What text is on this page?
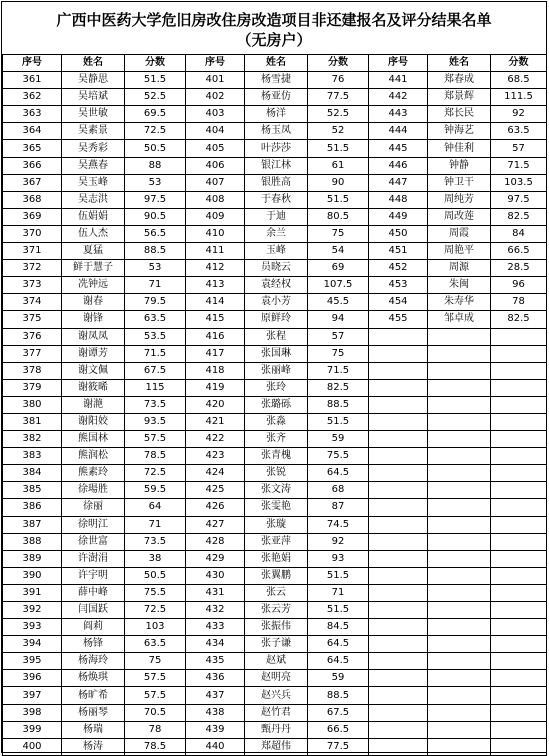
广西中医药大学危旧房改住房改造项目非还建报名及评分结果名单
（无房户）
序号	姓名	分数	序号	姓名	分数	序号	姓名	分数
361	吴静思	51.5	401	杨雪捷	76	441	郑春成	68.5
362	吴培斌	52.5	402	杨亚仿	77.5	442	郑景辉	111.5
363	吴世敏	69.5	403	杨洋	52.5	443	郑长民	92
364	吴素景	72.5	404	杨玉凤	52	444	钟海艺	63.5
365	吴秀彩	50.5	405	叶莎莎	51.5	445	钟佳利	57
366	吴燕春	88	406	银江林	61	446	钟静	71.5
367	吴玉峰	53	407	银胜高	90	447	钟卫干	103.5
368	吴志洪	97.5	408	于春秋	51.5	448	周纯芳	97.5
369	伍娟娟	90.5	409	于迪	80.5	449	周改莲	82.5
370	伍人杰	56.5	410	余兰	75	450	周霞	84
371	夏猛	88.5	411	玉峰	54	451	周艳平	66.5
372	鲜于慧子	53	412	员晓云	69	452	周源	28.5
373	冼钟远	71	413	袁经权	107.5	453	朱闽	96
374	谢春	79.5	414	袁小芳	45.5	454	朱寿华	78
375	谢锋	63.5	415	原鲜玲	94	455	邹卓成	82.5
376	谢凤凤	53.5	416	张程	57			
377	谢谭芳	71.5	417	张国琳	75			
378	谢文佩	67.5	418	张丽峰	71.5			
379	谢筱晞	115	419	张玲	82.5			
380	谢滟	73.5	420	张璐砾	88.5			
381	谢阳姣	93.5	421	张淼	51.5			
382	熊国林	57.5	422	张齐	59			
383	熊润松	78.5	423	张青槐	75.5			
384	熊素玲	72.5	424	张锐	64.5			
385	徐瑒胜	59.5	425	张文涛	68			
386	徐丽	64	426	张雯艳	87			
387	徐明江	71	427	张璇	74.5			
388	徐世富	73.5	428	张亚萍	92			
389	许澍涓	38	429	张艳娟	93			
390	许宇明	50.5	430	张翼鹏	51.5			
391	薛中峰	75.5	431	张云	71			
392	闫国跃	72.5	432	张云芳	51.5			
393	阎莉	103	433	张振伟	84.5			
394	杨锋	63.5	434	张子谦	64.5			
395	杨海玲	75	435	赵斌	64.5			
396	杨焕琪	57.5	436	赵明亮	59			
397	杨旷希	57.5	437	赵兴兵	88.5			
398	杨丽琴	70.5	438	赵竹君	67.5			
399	杨瑞	78	439	甄丹丹	66.5			
400	杨涛	78.5	440	郑超伟	77.5			
